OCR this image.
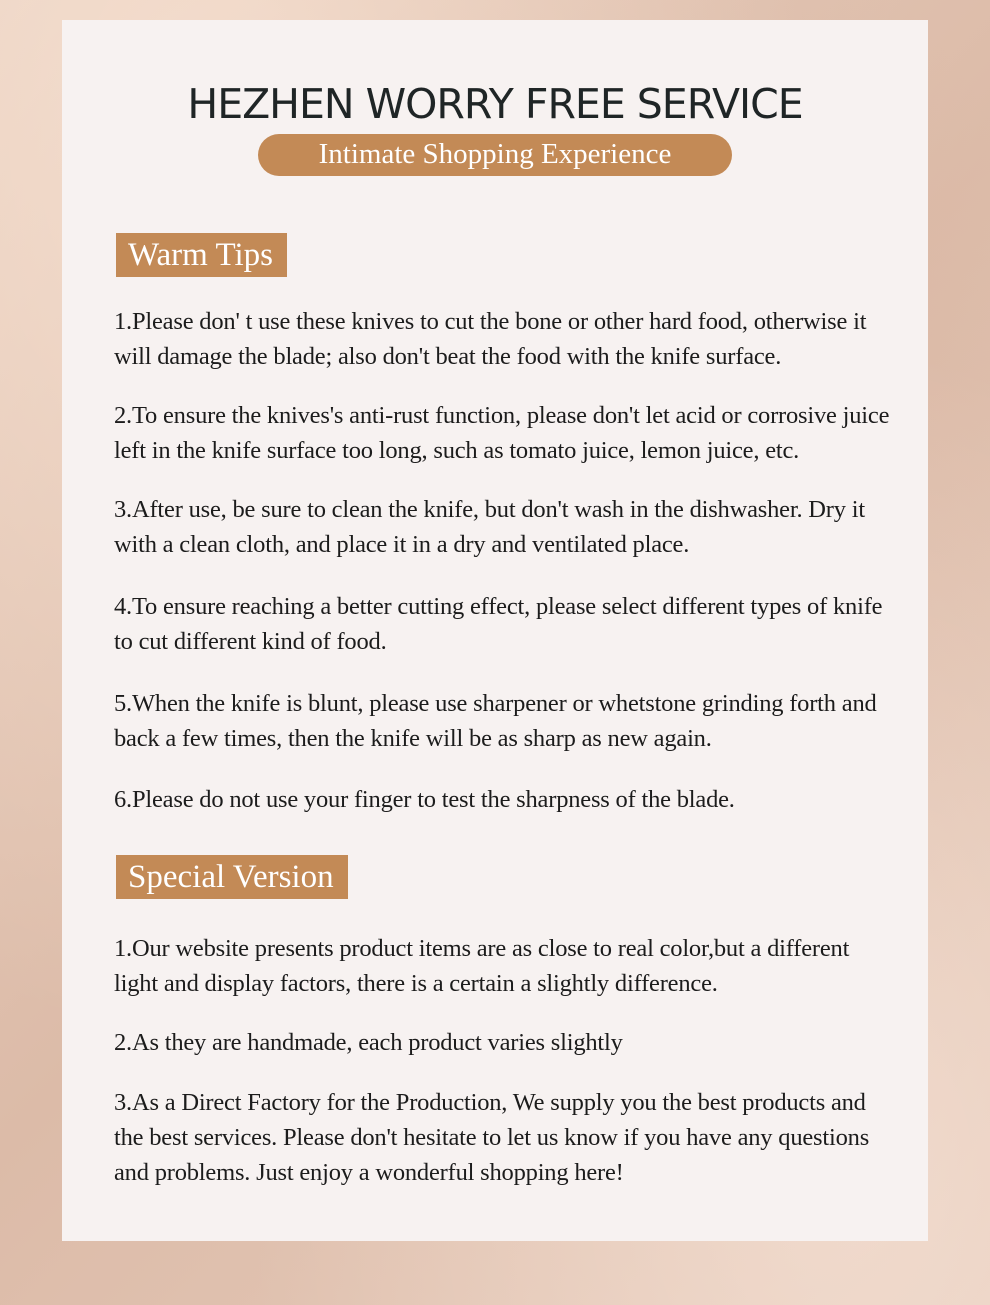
HEZHEN WORRY FREE SERVICE
Intimate Shopping Experience
Warm Tips
1.Please don' t use these knives to cut the bone or other hard food, otherwise it will damage the blade; also don't beat the food with the knife surface.
2.To ensure the knives's anti-rust function, please don't let acid or corrosive juice left in the knife surface too long, such as tomato juice, lemon juice, etc.
3.After use, be sure to clean the knife, but don't wash in the dishwasher. Dry it with a clean cloth, and place it in a dry and ventilated place.
4.To ensure reaching a better cutting effect, please select different types of knife to cut different kind of food.
5.When the knife is blunt, please use sharpener or whetstone grinding forth and back a few times, then the knife will be as sharp as new again.
6.Please do not use your finger to test the sharpness of the blade.
Special Version
1.Our website presents product items are as close to real color,but a different light and display factors, there is a certain a slightly difference.
2.As they are handmade, each product varies slightly
3.As a Direct Factory for the Production, We supply you the best products and the best services. Please don't hesitate to let us know if you have any questions and problems. Just enjoy a wonderful shopping here!
